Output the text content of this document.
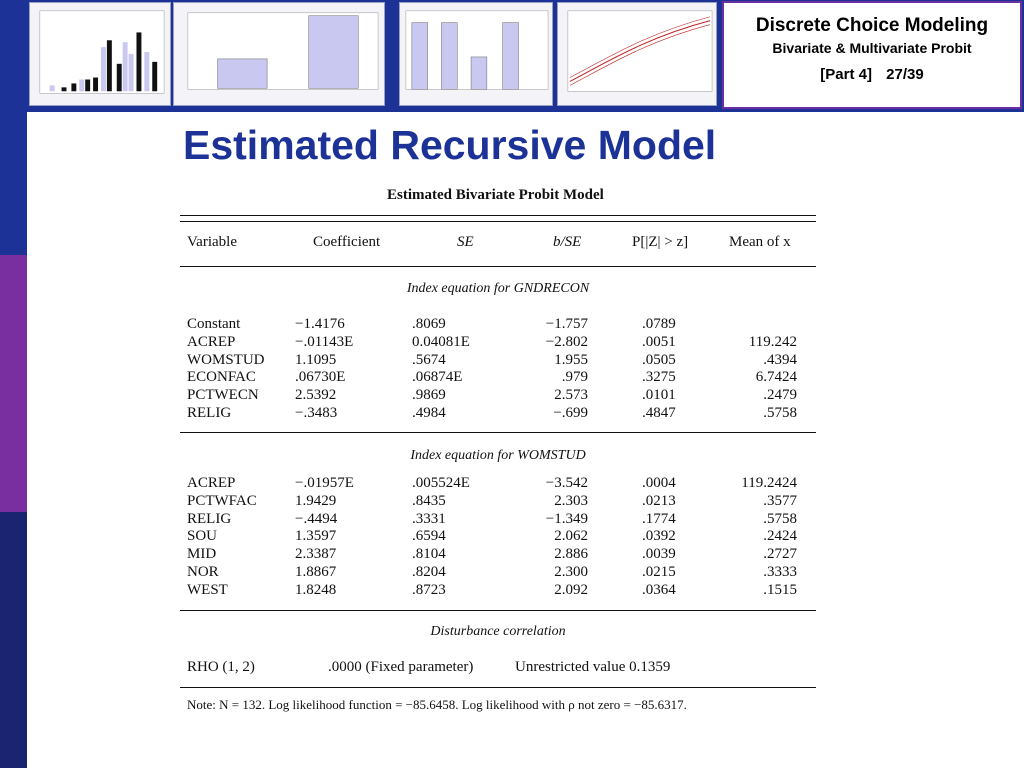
Discrete Choice Modeling
Bivariate & Multivariate Probit
[Part 4] 27/39
Estimated Recursive Model
Estimated Bivariate Probit Model
Variable	Coefficient	SE	b/SE	P[|Z| > z]	Mean of x
Index equation for GNDRECON
Constant	−1.4176	.8069	−1.757	.0789
ACREP	−.01143E	0.04081E	−2.802	.0051	119.242
WOMSTUD 1.1095	.5674	1.955	.0505	.4394
ECONFAC	.06730E	.06874E	.979	.3275	6.7424
PCTWECN 2.5392	.9869	2.573	.0101	.2479
RELIG	−.3483	.4984	−.699	.4847	.5758
Index equation for WOMSTUD
ACREP	−.01957E	.005524E	−3.542	.0004	119.2424
PCTWFAC	1.9429	.8435	2.303	.0213	.3577
RELIG	−.4494	.3331	−1.349	.1774	.5758
SOU	1.3597	.6594	2.062	.0392	.2424
MID	2.3387	.8104	2.886	.0039	.2727
NOR	1.8867	.8204	2.300	.0215	.3333
WEST	1.8248	.8723	2.092	.0364	.1515
Disturbance correlation
RHO (1, 2)	.0000 (Fixed parameter)	Unrestricted value 0.1359
Note: N = 132. Log likelihood function = −85.6458. Log likelihood with ρ not zero = −85.6317.
